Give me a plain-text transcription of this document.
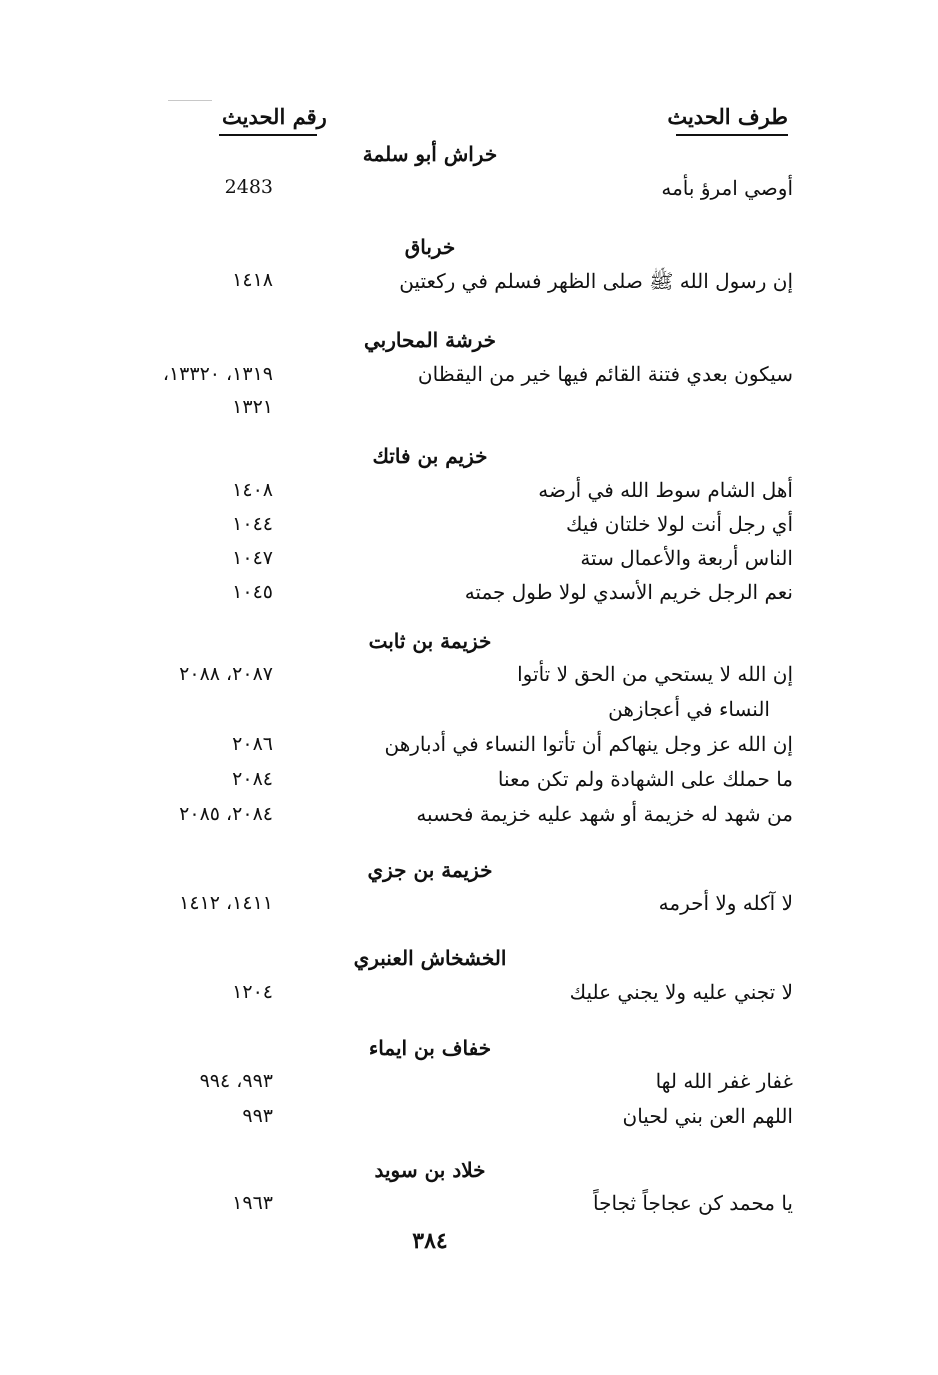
طرف الحديث
رقم الحديث
خراش أبو سلمة
أوصي امرؤ بأمه
2483
خرباق
إن رسول الله ﷺ صلى الظهر فسلم في ركعتين
١٤١٨
خرشة المحاربي
سيكون بعدي فتنة القائم فيها خير من اليقظان
١٣١٩، ١٣٣٢٠،
١٣٢١
خزيم بن فاتك
أهل الشام سوط الله في أرضه
١٤٠٨
أي رجل أنت لولا خلتان فيك
١٠٤٤
الناس أربعة والأعمال ستة
١٠٤٧
نعم الرجل خريم الأسدي لولا طول جمته
١٠٤٥
خزيمة بن ثابت
إن الله لا يستحي من الحق لا تأتوا
٢٠٨٧، ٢٠٨٨
النساء في أعجازهن
إن الله عز وجل ينهاكم أن تأتوا النساء في أدبارهن
٢٠٨٦
ما حملك على الشهادة ولم تكن معنا
٢٠٨٤
من شهد له خزيمة أو شهد عليه خزيمة فحسبه
٢٠٨٤، ٢٠٨٥
خزيمة بن جزي
لا آكله ولا أحرمه
١٤١١، ١٤١٢
الخشخاش العنبري
لا تجني عليه ولا يجني عليك
١٢٠٤
خفاف بن ايماء
غفار غفر الله لها
٩٩٣، ٩٩٤
اللهم العن بني لحيان
٩٩٣
خلاد بن سويد
يا محمد كن عجاجاً ثجاجاً
١٩٦٣
٣٨٤
